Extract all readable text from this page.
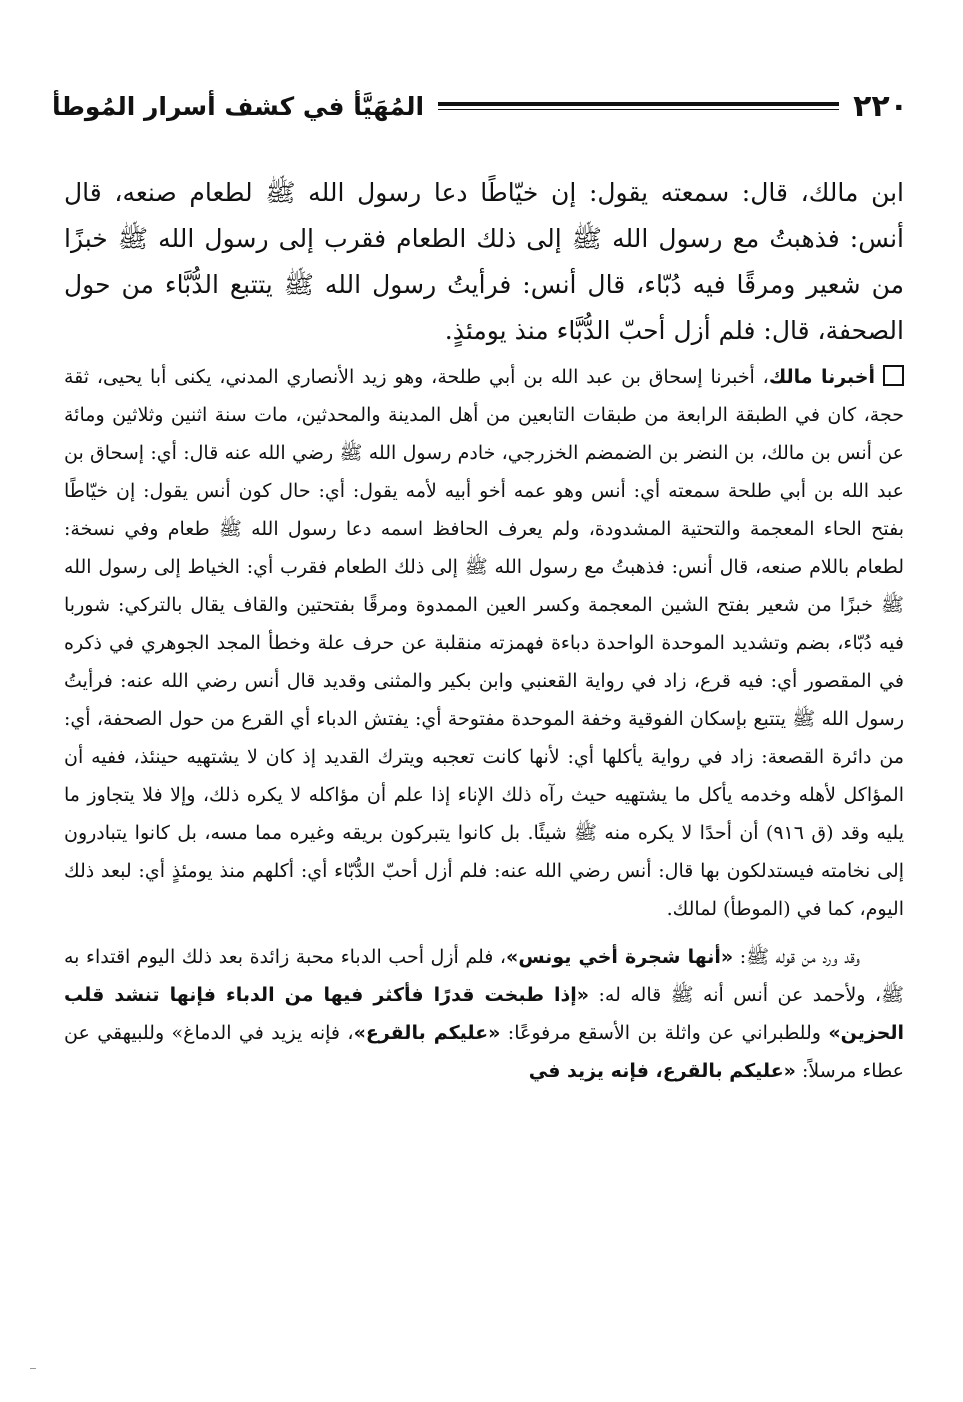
٢٢٠
المُهَيَّأ في كشف أسرار المُوطأ

ابن مالك، قال: سمعته يقول: إن خيّاطًا دعا رسول الله ﷺ لطعام صنعه، قال أنس: فذهبتُ مع رسول الله ﷺ إلى ذلك الطعام فقرب إلى رسول الله ﷺ خبزًا من شعير ومرقًا فيه دُبّاء، قال أنس: فرأيتُ رسول الله ﷺ يتتبع الدُّبَّاء من حول الصحفة، قال: فلم أزل أحبّ الدُّبَّاء منذ يومئذٍ.

أخبرنا مالك، أخبرنا إسحاق بن عبد الله بن أبي طلحة، وهو زيد الأنصاري المدني، يكنى أبا يحيى، ثقة حجة، كان في الطبقة الرابعة من طبقات التابعين من أهل المدينة والمحدثين، مات سنة اثنين وثلاثين ومائة عن أنس بن مالك، بن النضر بن الضمضم الخزرجي، خادم رسول الله ﷺ رضي الله عنه قال: أي: إسحاق بن عبد الله بن أبي طلحة سمعته أي: أنس وهو عمه أخو أبيه لأمه يقول: أي: حال كون أنس يقول: إن خيّاطًا بفتح الحاء المعجمة والتحتية المشدودة، ولم يعرف الحافظ اسمه دعا رسول الله ﷺ طعام وفي نسخة: لطعام باللام صنعه، قال أنس: فذهبتُ مع رسول الله ﷺ إلى ذلك الطعام فقرب أي: الخياط إلى رسول الله ﷺ خبزًا من شعير بفتح الشين المعجمة وكسر العين الممدوة ومرقًا بفتحتين والقاف يقال بالتركي: شوربا فيه دُبّاء، بضم وتشديد الموحدة الواحدة دباءة فهمزته منقلبة عن حرف علة وخطأ المجد الجوهري في ذكره في المقصور أي: فيه قرع، زاد في رواية القعنبي وابن بكير والمثنى وقديد قال أنس رضي الله عنه: فرأيتُ رسول الله ﷺ يتتبع بإسكان الفوقية وخفة الموحدة مفتوحة أي: يفتش الدباء أي القرع من حول الصحفة، أي: من دائرة القصعة: زاد في رواية يأكلها أي: لأنها كانت تعجبه ويترك القديد إذ كان لا يشتهيه حينئذ، ففيه أن المؤاكل لأهله وخدمه يأكل ما يشتهيه حيث رآه ذلك الإناء إذا علم أن مؤاكله لا يكره ذلك، وإلا فلا يتجاوز ما يليه وقد (ق ٩١٦) أن أحدًا لا يكره منه ﷺ شيئًا. بل كانوا يتبركون بريقه وغيره مما مسه، بل كانوا يتبادرون إلى نخامته فيستدلكون بها قال: أنس رضي الله عنه: فلم أزل أحبّ الدُّبّاء أي: أكلهم منذ يومئذٍ أي: لبعد ذلك اليوم، كما في (الموطأ) لمالك.

وقد ورد من قوله ﷺ: «أنها شجرة أخي يونس»، فلم أزل أحب الدباء محبة زائدة بعد ذلك اليوم اقتداء به ﷺ، ولأحمد عن أنس أنه ﷺ قاله له: «إذا طبخت قدرًا فأكثر فيها من الدباء فإنها تنشد قلب الحزين» وللطبراني عن واثلة بن الأسقع مرفوعًا: «عليكم بالقرع»، فإنه يزيد في الدماغ» وللبيهقي عن عطاء مرسلاً: «عليكم بالقرع، فإنه يزيد في
